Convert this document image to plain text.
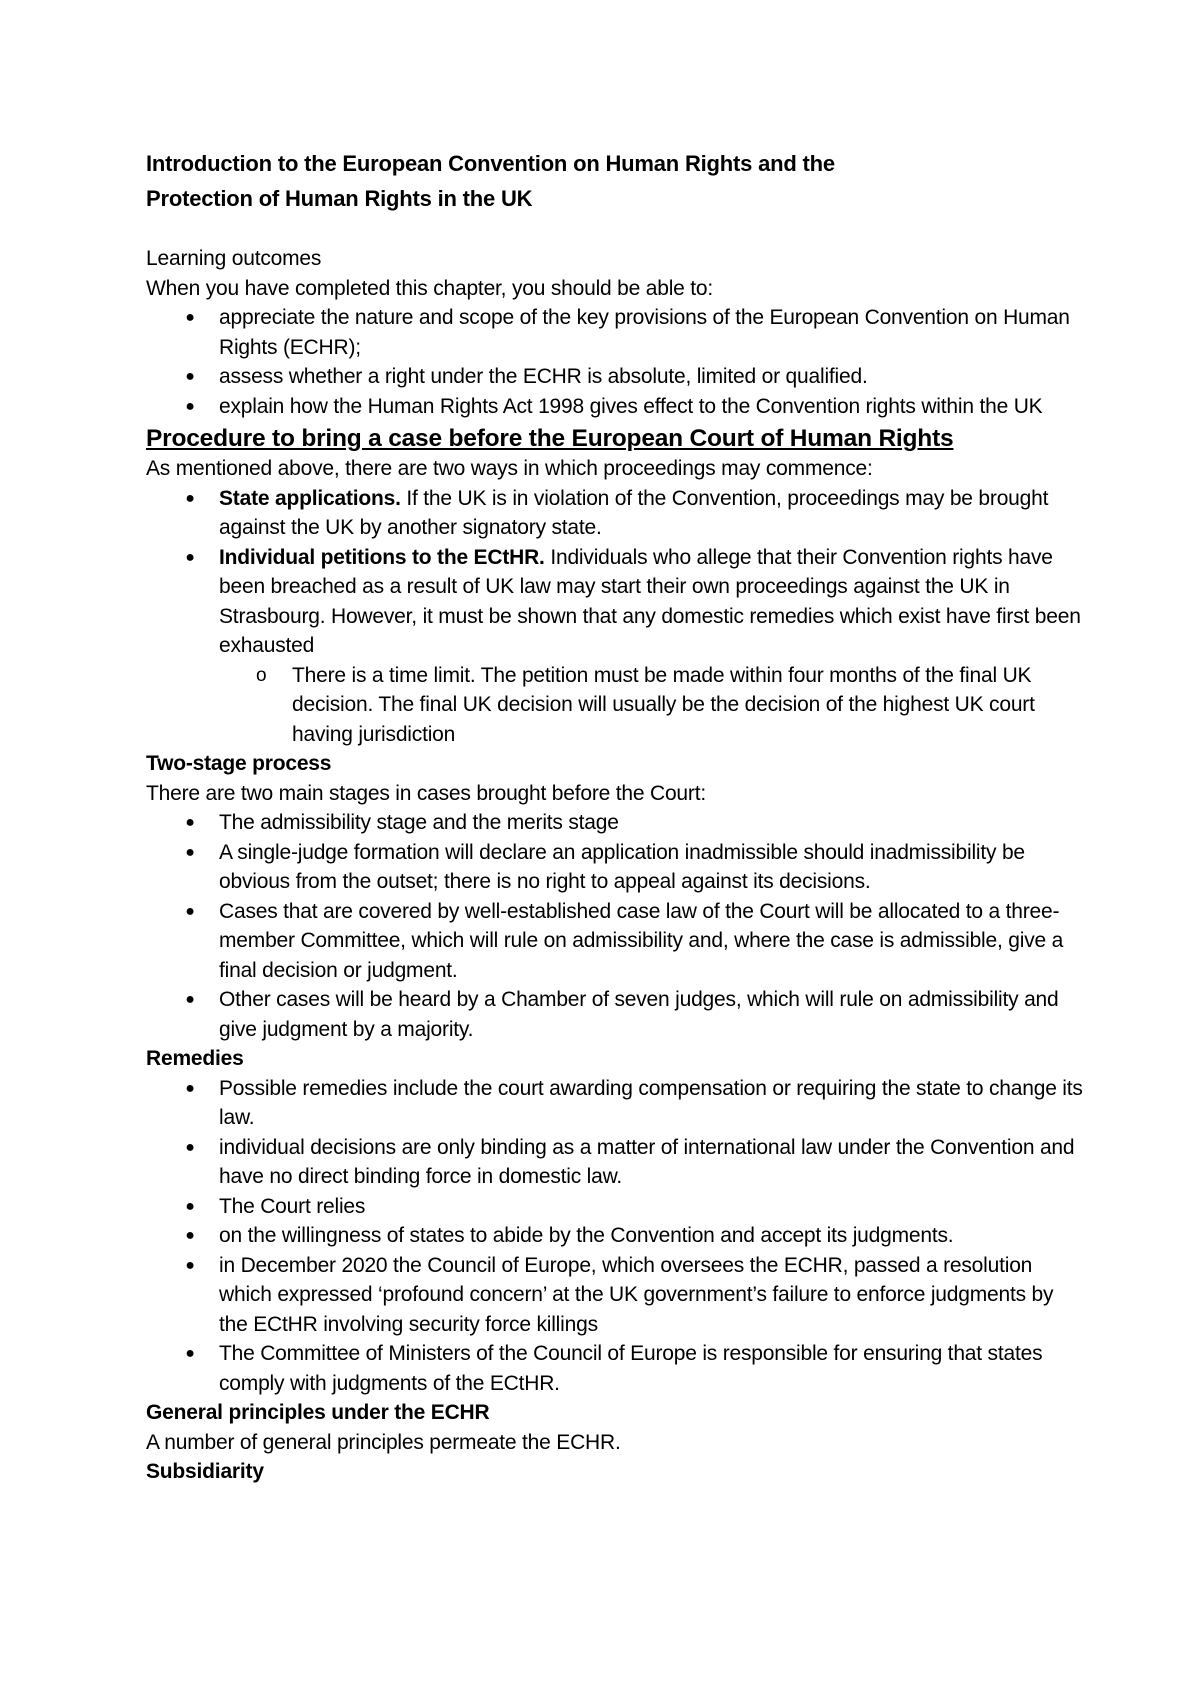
Introduction to the European Convention on Human Rights and the
Protection of Human Rights in the UK

Learning outcomes

When you have completed this chapter, you should be able to:

● appreciate the nature and scope of the key provisions of the European Convention on Human Rights (ECHR);
● assess whether a right under the ECHR is absolute, limited or qualified.
● explain how the Human Rights Act 1998 gives effect to the Convention rights within the UK

Procedure to bring a case before the European Court of Human Rights

As mentioned above, there are two ways in which proceedings may commence:

● State applications. If the UK is in violation of the Convention, proceedings may be brought against the UK by another signatory state.
● Individual petitions to the ECtHR. Individuals who allege that their Convention rights have been breached as a result of UK law may start their own proceedings against the UK in Strasbourg. However, it must be shown that any domestic remedies which exist have first been exhausted
o There is a time limit. The petition must be made within four months of the final UK decision. The final UK decision will usually be the decision of the highest UK court having jurisdiction

Two-stage process

There are two main stages in cases brought before the Court:

● The admissibility stage and the merits stage
● A single-judge formation will declare an application inadmissible should inadmissibility be obvious from the outset; there is no right to appeal against its decisions.
● Cases that are covered by well-established case law of the Court will be allocated to a three- member Committee, which will rule on admissibility and, where the case is admissible, give a final decision or judgment.
● Other cases will be heard by a Chamber of seven judges, which will rule on admissibility and give judgment by a majority.

Remedies

● Possible remedies include the court awarding compensation or requiring the state to change its law.
● individual decisions are only binding as a matter of international law under the Convention and have no direct binding force in domestic law.
● The Court relies
● on the willingness of states to abide by the Convention and accept its judgments.
● in December 2020 the Council of Europe, which oversees the ECHR, passed a resolution which expressed ‘profound concern’ at the UK government’s failure to enforce judgments by the ECtHR involving security force killings
● The Committee of Ministers of the Council of Europe is responsible for ensuring that states comply with judgments of the ECtHR.

General principles under the ECHR

A number of general principles permeate the ECHR.

Subsidiarity
